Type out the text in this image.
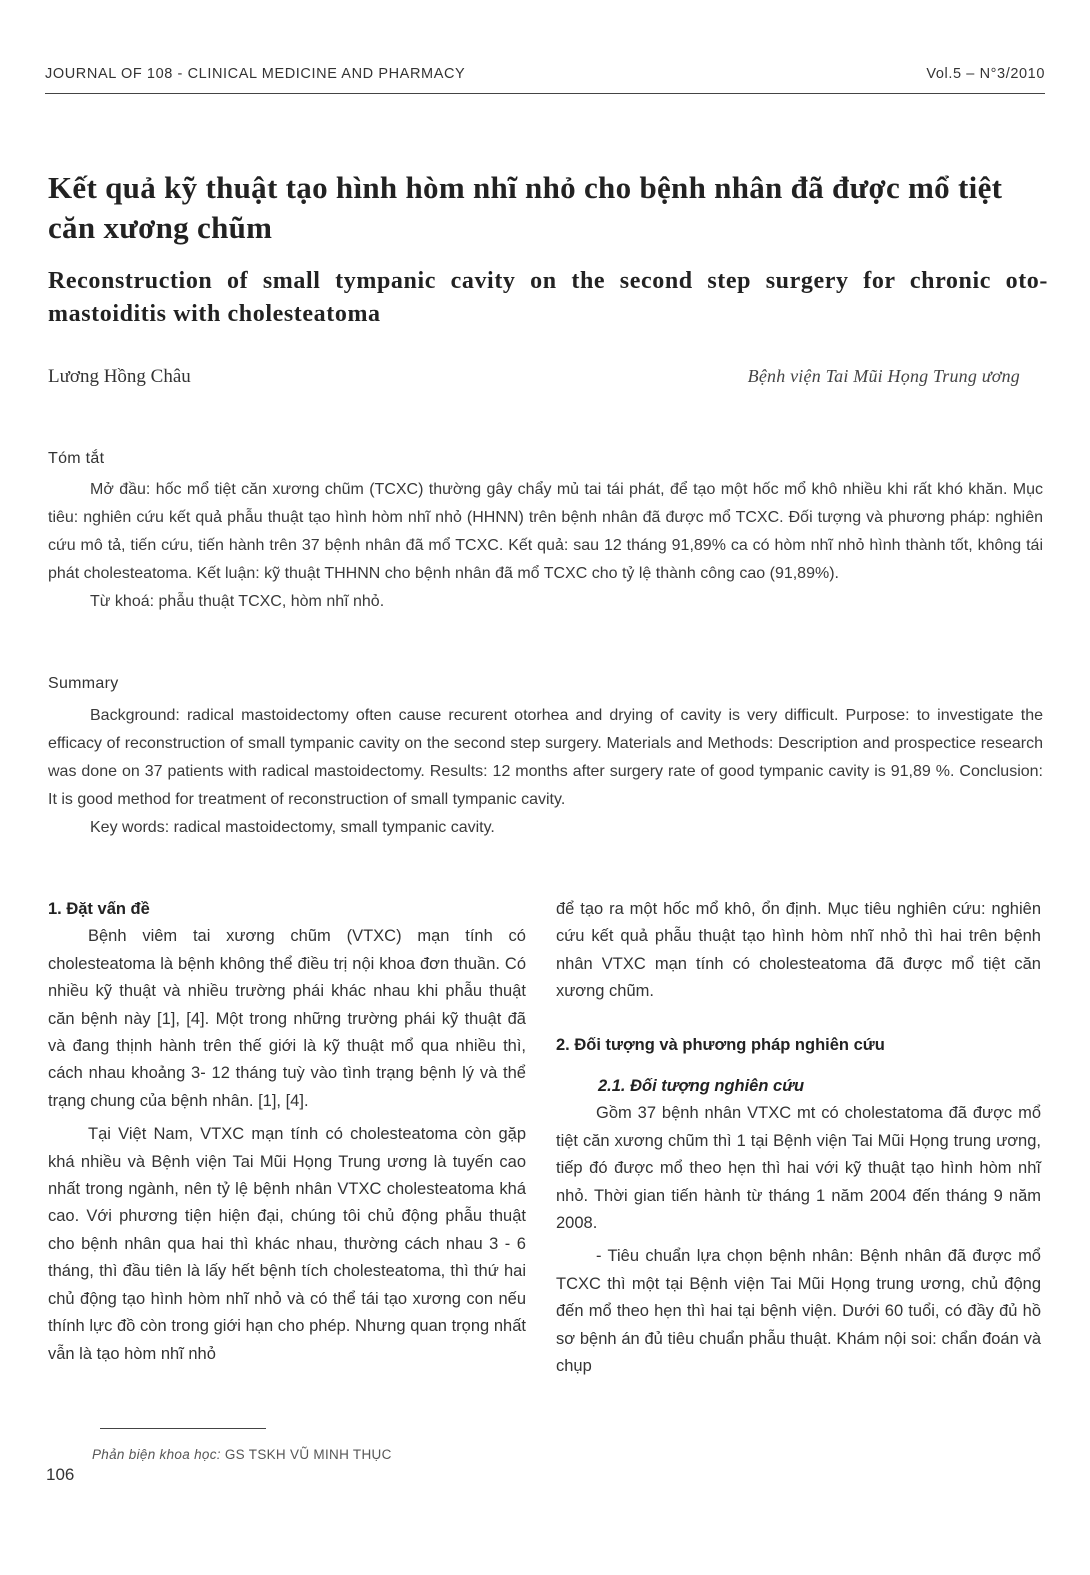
JOURNAL OF 108 - CLINICAL MEDICINE AND PHARMACY	Vol.5 – N°3/2010
Kết quả kỹ thuật tạo hình hòm nhĩ nhỏ cho bệnh nhân đã được mổ tiệt căn xương chũm
Reconstruction of small tympanic cavity on the second step surgery for chronic oto-mastoiditis with cholesteatoma
Lương Hồng Châu	Bệnh viện Tai Mũi Họng Trung ương
Tóm tắt

Mở đầu: hốc mổ tiệt căn xương chũm (TCXC) thường gây chẩy mủ tai tái phát, để tạo một hốc mổ khô nhiều khi rất khó khăn. Mục tiêu: nghiên cứu kết quả phẫu thuật tạo hình hòm nhĩ nhỏ (HHNN) trên bệnh nhân đã được mổ TCXC. Đối tượng và phương pháp: nghiên cứu mô tả, tiến cứu, tiến hành trên 37 bệnh nhân đã mổ TCXC. Kết quả: sau 12 tháng 91,89% ca có hòm nhĩ nhỏ hình thành tốt, không tái phát cholesteatoma. Kết luận: kỹ thuật THHNN cho bệnh nhân đã mổ TCXC cho tỷ lệ thành công cao (91,89%).

Từ khoá: phẫu thuật TCXC, hòm nhĩ nhỏ.

Summary

Background: radical mastoidectomy often cause recurent otorhea and drying of cavity is very difficult. Purpose: to investigate the efficacy of reconstruction of small tympanic cavity on the second step surgery. Materials and Methods: Description and prospectice research was done on 37 patients with radical mastoidectomy. Results: 12 months after surgery rate of good tympanic cavity is 91,89 %. Conclusion: It is good method for treatment of reconstruction of small tympanic cavity.

Key words: radical mastoidectomy, small tympanic cavity.

1. Đặt vấn đề

Bệnh viêm tai xương chũm (VTXC) mạn tính có cholesteatoma là bệnh không thể điều trị nội khoa đơn thuần. Có nhiều kỹ thuật và nhiều trường phái khác nhau khi phẫu thuật căn bệnh này [1], [4]. Một trong những trường phái kỹ thuật đã và đang thịnh hành trên thế giới là kỹ thuật mổ qua nhiều thì, cách nhau khoảng 3- 12 tháng tuỳ vào tình trạng bệnh lý và thể trạng chung của bệnh nhân. [1], [4].

Tại Việt Nam, VTXC mạn tính có cholesteatoma còn gặp khá nhiều và Bệnh viện Tai Mũi Họng Trung ương là tuyến cao nhất trong ngành, nên tỷ lệ bệnh nhân VTXC cholesteatoma khá cao. Với phương tiện hiện đại, chúng tôi chủ động phẫu thuật cho bệnh nhân qua hai thì khác nhau, thường cách nhau 3 - 6 tháng, thì đầu tiên là lấy hết bệnh tích cholesteatoma, thì thứ hai chủ động tạo hình hòm nhĩ nhỏ và có thể tái tạo xương con nếu thính lực đồ còn trong giới hạn cho phép. Nhưng quan trọng nhất vẫn là tạo hòm nhĩ nhỏ

để tạo ra một hốc mổ khô, ổn định. Mục tiêu nghiên cứu: nghiên cứu kết quả phẫu thuật tạo hình hòm nhĩ nhỏ thì hai trên bệnh nhân VTXC mạn tính có cholesteatoma đã được mổ tiệt căn xương chũm.

2. Đối tượng và phương pháp nghiên cứu
2.1. Đối tượng nghiên cứu

Gồm 37 bệnh nhân VTXC mt có cholestatoma đã được mổ tiệt căn xương chũm thì 1 tại Bệnh viện Tai Mũi Họng trung ương, tiếp đó được mổ theo hẹn thì hai với kỹ thuật tạo hình hòm nhĩ nhỏ. Thời gian tiến hành từ tháng 1 năm 2004 đến tháng 9 năm 2008.

- Tiêu chuẩn lựa chọn bệnh nhân: Bệnh nhân đã được mổ TCXC thì một tại Bệnh viện Tai Mũi Họng trung ương, chủ động đến mổ theo hẹn thì hai tại bệnh viện. Dưới 60 tuổi, có đầy đủ hồ sơ bệnh án đủ tiêu chuẩn phẫu thuật. Khám nội soi: chẩn đoán và chụp

Phản biện khoa học: GS TSKH VŨ MINH THỤC
106
